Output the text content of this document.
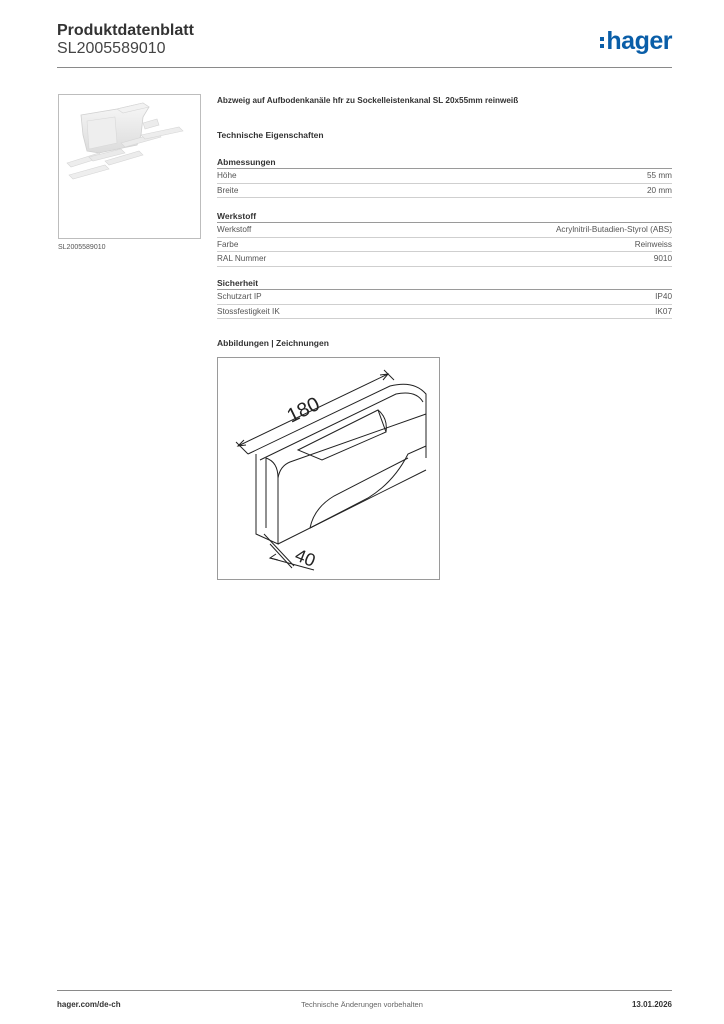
Produktdatenblatt
SL2005589010	hager
SL2005589010
Abzweig auf Aufbodenkanäle hfr zu Sockelleistenkanal SL 20x55mm reinweiß
Technische Eigenschaften
Abmessungen
Höhe	55 mm
Breite	20 mm
Werkstoff
Werkstoff	Acrylnitril-Butadien-Styrol (ABS)
Farbe	Reinweiss
RAL Nummer	9010
Sicherheit
Schutzart IP	IP40
Stossfestigkeit IK	IK07
Abbildungen | Zeichnungen
180
40
Technische Änderungen vorbehalten
hager.com/de-ch	13.01.2026
